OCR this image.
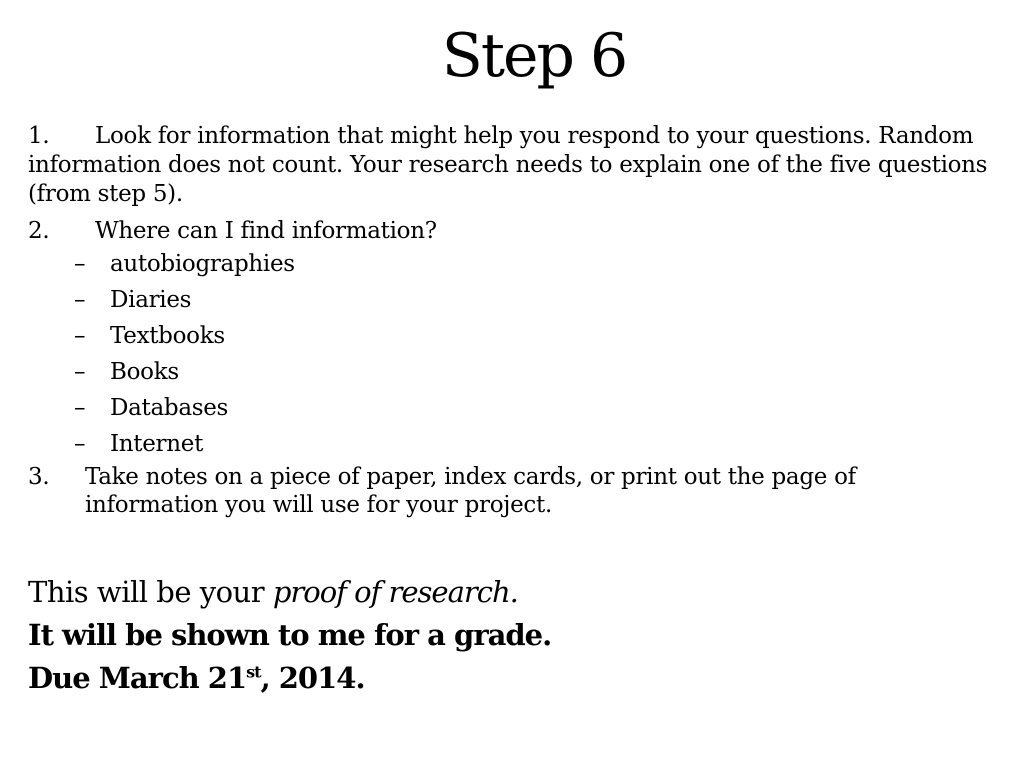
Step 6
1. Look for information that might help you respond to your questions. Random information does not count. Your research needs to explain one of the five questions (from step 5).
2. Where can I find information?
– autobiographies
– Diaries
– Textbooks
– Books
– Databases
– Internet
3.	Take notes on a piece of paper, index cards, or print out the page of information you will use for your project.
This will be your proof of research.
It will be shown to me for a grade.
Due March 21st, 2014.
